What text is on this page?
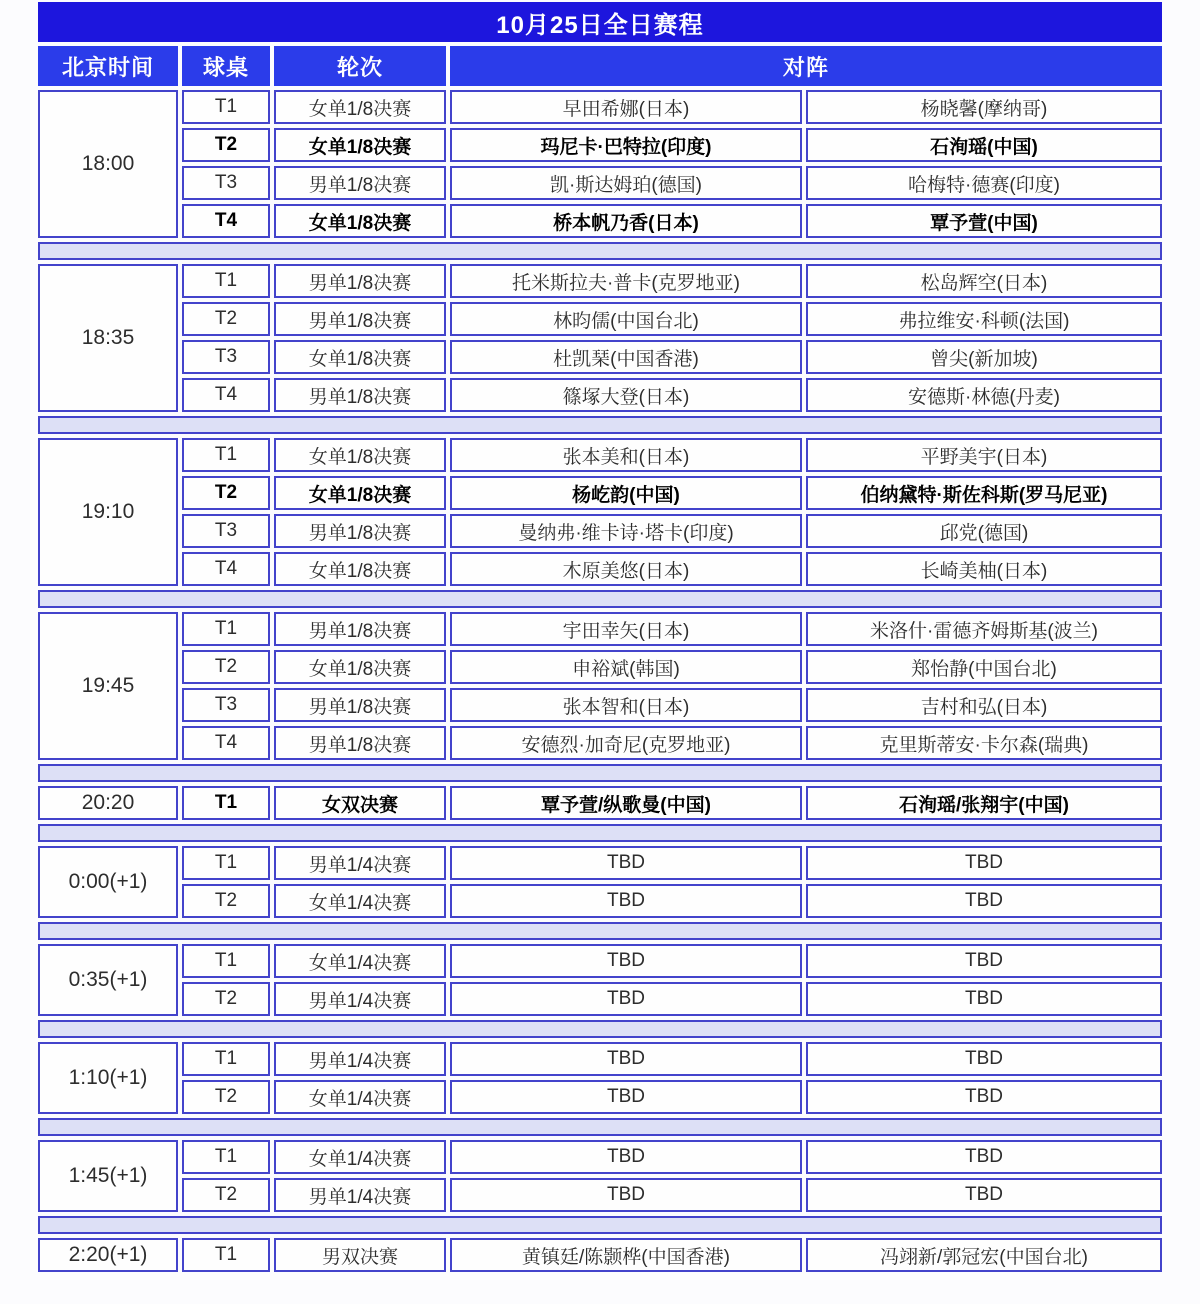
10月25日全日赛程
北京时间	球桌	轮次	对阵
18:00
T1	女单1/8决赛	早田希娜(日本)	杨晓馨(摩纳哥)
T2	女单1/8决赛	玛尼卡·巴特拉(印度)	石洵瑶(中国)
T3	男单1/8决赛	凯·斯达姆珀(德国)	哈梅特·德赛(印度)
T4	女单1/8决赛	桥本帆乃香(日本)	覃予萱(中国)
18:35
T1	男单1/8决赛	托米斯拉夫·普卡(克罗地亚)	松岛辉空(日本)
T2	男单1/8决赛	林昀儒(中国台北)	弗拉维安·科顿(法国)
T3	女单1/8决赛	杜凯琹(中国香港)	曾尖(新加坡)
T4	男单1/8决赛	篠塚大登(日本)	安德斯·林德(丹麦)
19:10
T1	女单1/8决赛	张本美和(日本)	平野美宇(日本)
T2	女单1/8决赛	杨屹韵(中国)	伯纳黛特·斯佐科斯(罗马尼亚)
T3	男单1/8决赛	曼纳弗·维卡诗·塔卡(印度)	邱党(德国)
T4	女单1/8决赛	木原美悠(日本)	长崎美柚(日本)
19:45
T1	男单1/8决赛	宇田幸矢(日本)	米洛什·雷德齐姆斯基(波兰)
T2	女单1/8决赛	申裕斌(韩国)	郑怡静(中国台北)
T3	男单1/8决赛	张本智和(日本)	吉村和弘(日本)
T4	男单1/8决赛	安德烈·加奇尼(克罗地亚)	克里斯蒂安·卡尔森(瑞典)
20:20	T1	女双决赛	覃予萱/纵歌曼(中国)	石洵瑶/张翔宇(中国)
0:00(+1)
T1	男单1/4决赛	TBD	TBD
T2	女单1/4决赛	TBD	TBD
0:35(+1)
T1	女单1/4决赛	TBD	TBD
T2	男单1/4决赛	TBD	TBD
1:10(+1)
T1	男单1/4决赛	TBD	TBD
T2	女单1/4决赛	TBD	TBD
1:45(+1)
T1	女单1/4决赛	TBD	TBD
T2	男单1/4决赛	TBD	TBD
2:20(+1)	T1	男双决赛	黄镇廷/陈颢桦(中国香港)	冯翊新/郭冠宏(中国台北)
